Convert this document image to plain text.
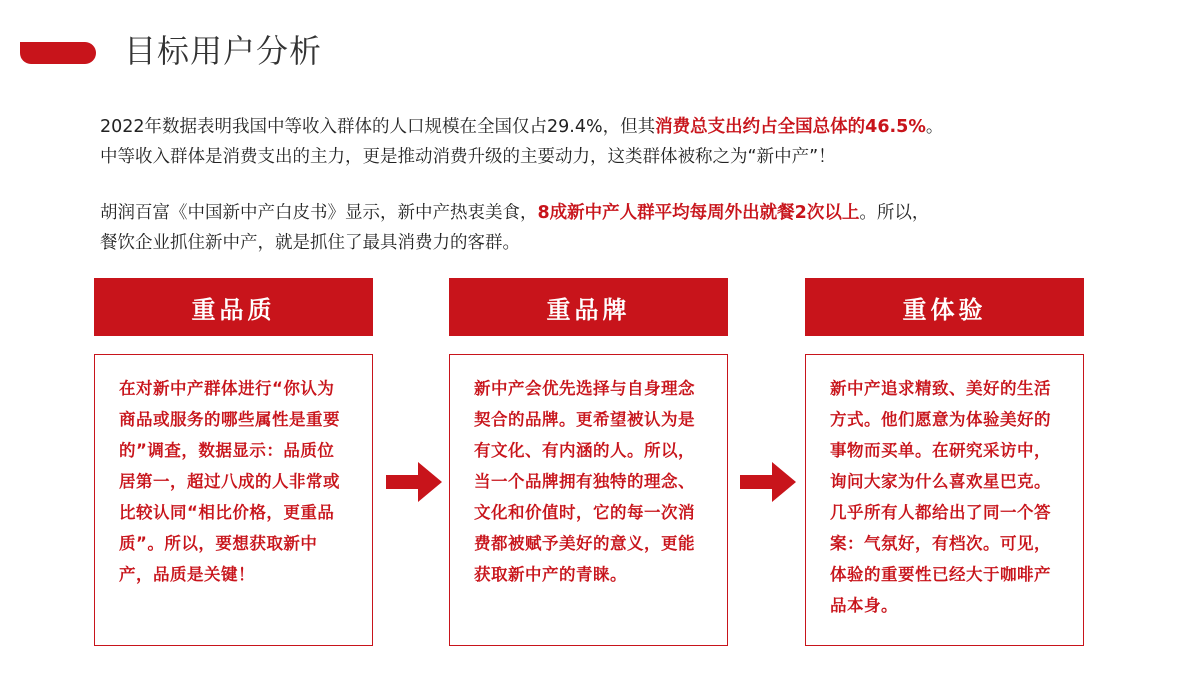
目标用户分析
2022年数据表明我国中等收入群体的人口规模在全国仅占29.4%，但其消费总支出约占全国总体的46.5%。
中等收入群体是消费支出的主力，更是推动消费升级的主要动力，这类群体被称之为“新中产”！
胡润百富《中国新中产白皮书》显示，新中产热衷美食，8成新中产人群平均每周外出就餐2次以上。所以，
餐饮企业抓住新中产，就是抓住了最具消费力的客群。
重品质
在对新中产群体进行“你认为商品或服务的哪些属性是重要的”调查，数据显示：品质位居第一，超过八成的人非常或比较认同“相比价格，更重品质”。所以，要想获取新中产，品质是关键！
重品牌
新中产会优先选择与自身理念契合的品牌。更希望被认为是有文化、有内涵的人。所以，当一个品牌拥有独特的理念、文化和价值时，它的每一次消费都被赋予美好的意义，更能获取新中产的青睐。
重体验
新中产追求精致、美好的生活方式。他们愿意为体验美好的事物而买单。在研究采访中，询问大家为什么喜欢星巴克。几乎所有人都给出了同一个答案：气氛好，有档次。可见，体验的重要性已经大于咖啡产品本身。
